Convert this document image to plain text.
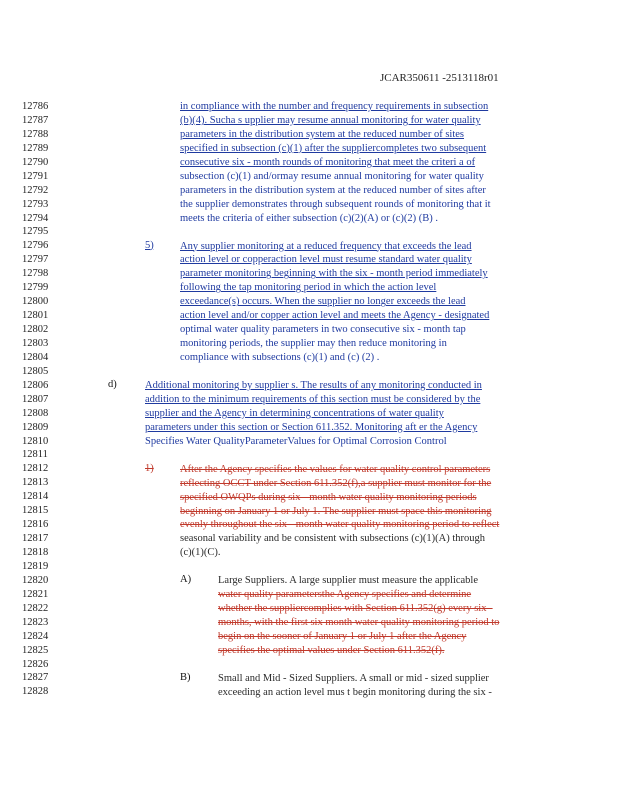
JCAR350611 -2513118r01
12786
12787
12788
12789
12790
12791
12792
12793
12794
12795
12796
12797
12798
12799
12800
12801
12802
12803
12804
12805
12806
12807
12808
12809
12810
12811
12812
12813
12814
12815
12816
12817
12818
12819
12820
12821
12822
12823
12824
12825
12826
12827
12828
in compliance with the number and frequency requirements in subsection
(b)(4). Sucha s upplier may resume annual monitoring for water quality
parameters in the distribution system at the reduced number of sites
specified in subsection (c)(1) after the suppliercompletes two subsequent
consecutive six - month rounds of monitoring that meet the criteri a of
subsection (c)(1) and/ormay resume annual monitoring for water quality
parameters in the distribution system at the reduced number of sites after
the supplier demonstrates through subsequent rounds of monitoring that it
meets the criteria of either subsection (c)(2)(A) or (c)(2) (B) .
5)	Any supplier monitoring at a reduced frequency that exceeds the lead
action level or copperaction level must resume standard water quality
parameter monitoring beginning with the six - month period immediately
following the tap monitoring period in which the action level
exceedance(s) occurs. When the supplier no longer exceeds the lead
action level and/or copper action level and meets the Agency - designated
optimal water quality parameters in two consecutive six - month tap
monitoring periods, the supplier may then reduce monitoring in
compliance with subsections (c)(1) and (c) (2) .
d)	Additional monitoring by supplier s. The results of any monitoring conducted in
addition to the minimum requirements of this section must be considered by the
supplier and the Agency in determining concentrations of water quality
parameters under this section or Section 611.352. Monitoring aft er the Agency
Specifies Water QualityParameterValues for Optimal Corrosion Control
1)	After the Agency specifies the values for water quality control parameters
reflecting OCCT under Section 611.352(f),a supplier must monitor for the
specified OWQPs during six - month water quality monitoring periods
beginning on January 1 or July 1. The supplier must space this monitoring
evenly throughout the six - month water quality monitoring period to reflect
seasonal variability and be consistent with subsections (c)(1)(A) through
(c)(1)(C).
A)	Large Suppliers. A large supplier must measure the applicable
water quality parametersthe Agency specifies and determine
whether the suppliercomplies with Section 611.352(g) every six -
months, with the first six month water quality monitoring period to
begin on the sooner of January 1 or July 1 after the Agency
specifies the optimal values under Section 611.352(f).
B)	Small and Mid - Sized Suppliers. A small or mid - sized supplier
exceeding an action level mus t begin monitoring during the six -
